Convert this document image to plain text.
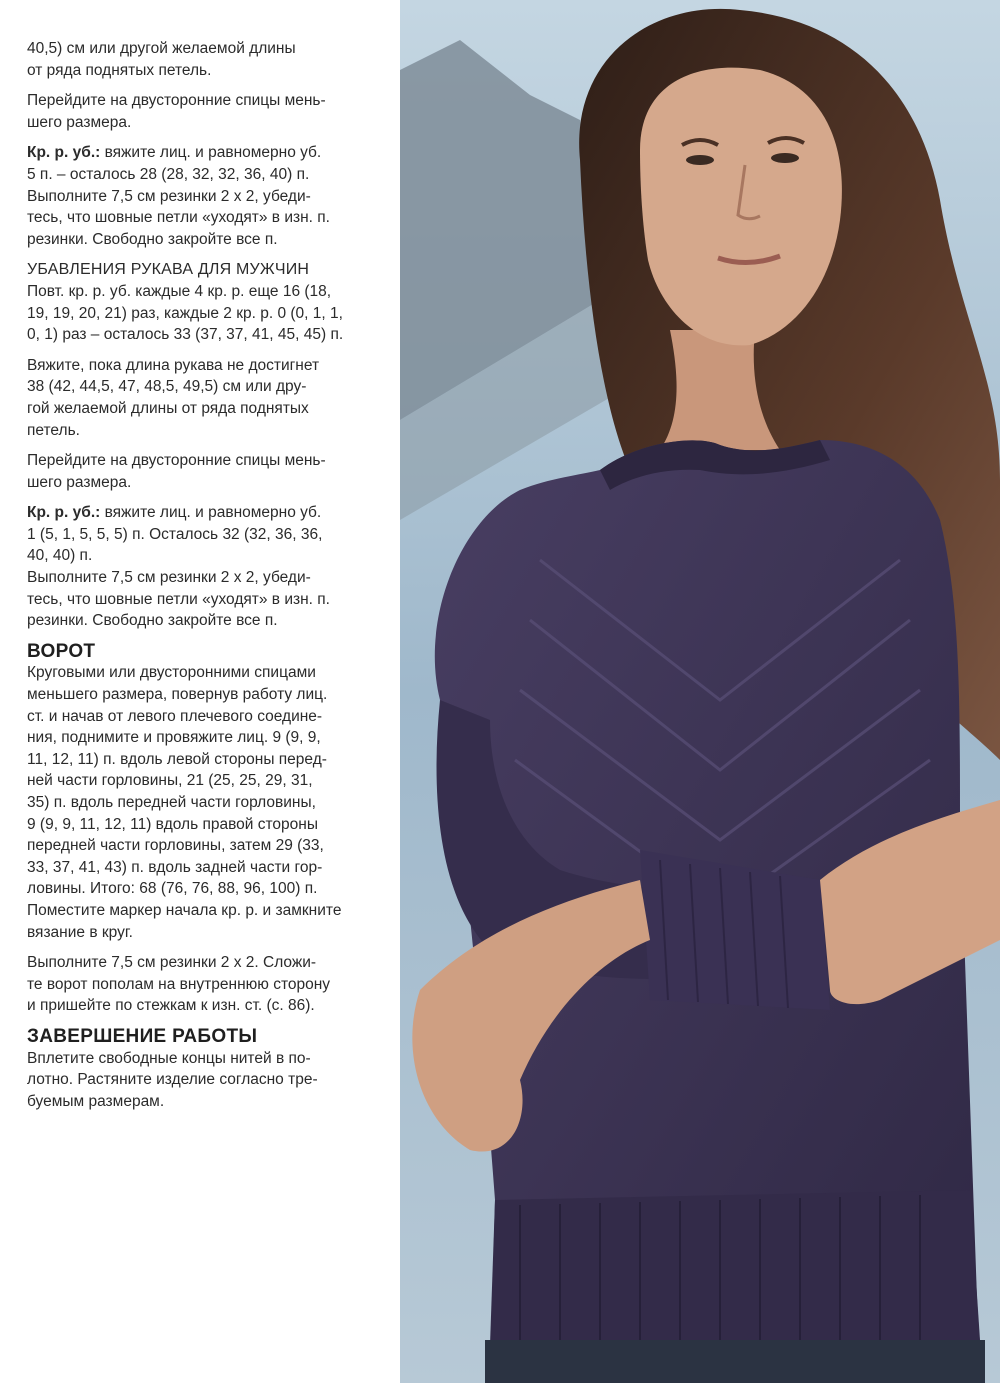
40,5) см или другой желаемой длины
от ряда поднятых петель.

Перейдите на двусторонние спицы мень-
шего размера.

Кр. р. уб.: вяжите лиц. и равномерно уб.
5 п. – осталось 28 (28, 32, 32, 36, 40) п.
Выполните 7,5 см резинки 2 х 2, убеди-
тесь, что шовные петли «уходят» в изн. п.
резинки. Свободно закройте все п.

УБАВЛЕНИЯ РУКАВА ДЛЯ МУЖЧИН

Повт. кр. р. уб. каждые 4 кр. р. еще 16 (18,
19, 19, 20, 21) раз, каждые 2 кр. р. 0 (0, 1, 1,
0, 1) раз – осталось 33 (37, 37, 41, 45, 45) п.

Вяжите, пока длина рукава не достигнет
38 (42, 44,5, 47, 48,5, 49,5) см или дру-
гой желаемой длины от ряда поднятых
петель.

Перейдите на двусторонние спицы мень-
шего размера.

Кр. р. уб.: вяжите лиц. и равномерно уб.
1 (5, 1, 5, 5, 5) п. Осталось 32 (32, 36, 36,
40, 40) п.
Выполните 7,5 см резинки 2 х 2, убеди-
тесь, что шовные петли «уходят» в изн. п.
резинки. Свободно закройте все п.

ВОРОТ

Круговыми или двусторонними спицами
меньшего размера, повернув работу лиц.
ст. и начав от левого плечевого соедине-
ния, поднимите и провяжите лиц. 9 (9, 9,
11, 12, 11) п. вдоль левой стороны перед-
ней части горловины, 21 (25, 25, 29, 31,
35) п. вдоль передней части горловины,
9 (9, 9, 11, 12, 11) вдоль правой стороны
передней части горловины, затем 29 (33,
33, 37, 41, 43) п. вдоль задней части гор-
ловины. Итого: 68 (76, 76, 88, 96, 100) п.
Поместите маркер начала кр. р. и замкните
вязание в круг.

Выполните 7,5 см резинки 2 х 2. Сложи-
те ворот пополам на внутреннюю сторону
и пришейте по стежкам к изн. ст. (с. 86).

ЗАВЕРШЕНИЕ РАБОТЫ

Вплетите свободные концы нитей в по-
лотно. Растяните изделие согласно тре-
буемым размерам.
